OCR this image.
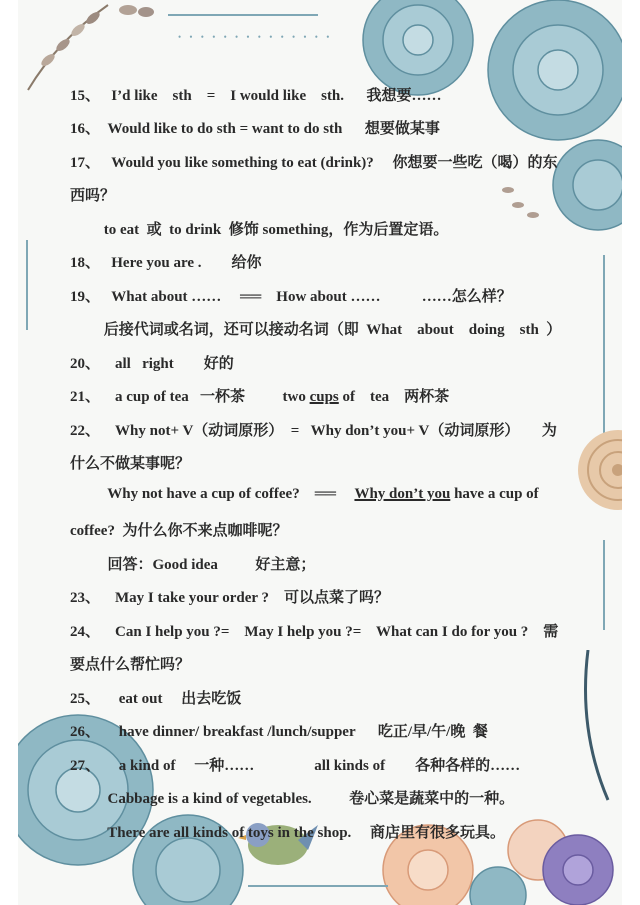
• • • • • • • • • • • • • •
15、   I’d like    sth    =    I would like    sth.      我想要……
16、  Would like to do sth = want to do sth      想要做某事
17、   Would you like something to eat (drink)?     你想要一些吃（喝）的东
西吗？
to eat  或  to drink  修饰 something，作为后置定语。
18、   Here you are .        给你
19、   What about ……     ══    How about ……           ……怎么样？
后接代词或名词，还可以接动名词（即  What    about    doing    sth  ）
20、    all   right        好的
21、    a cup of tea   一杯茶          two cups of    tea    两杯茶
22、    Why not+ V（动词原形）  =   Why don’t you+ V（动词原形）      为
什么不做某事呢？
Why not have a cup of coffee?    ══     Why don’t you have a cup of
coffee?  为什么你不来点咖啡呢？
回答：Good idea          好主意；
23、    May I take your order ?    可以点菜了吗？
24、    Can I help you ?=    May I help you ?=    What can I do for you ?    需
要点什么帮忙吗？
25、     eat out     出去吃饭
26、     have dinner/ breakfast /lunch/supper      吃正/早/午/晚  餐
27、     a kind of     一种……                all kinds of        各种各样的……
Cabbage is a kind of vegetables.          卷心菜是蔬菜中的一种。
There are all kinds of toys in the shop.     商店里有很多玩具。
